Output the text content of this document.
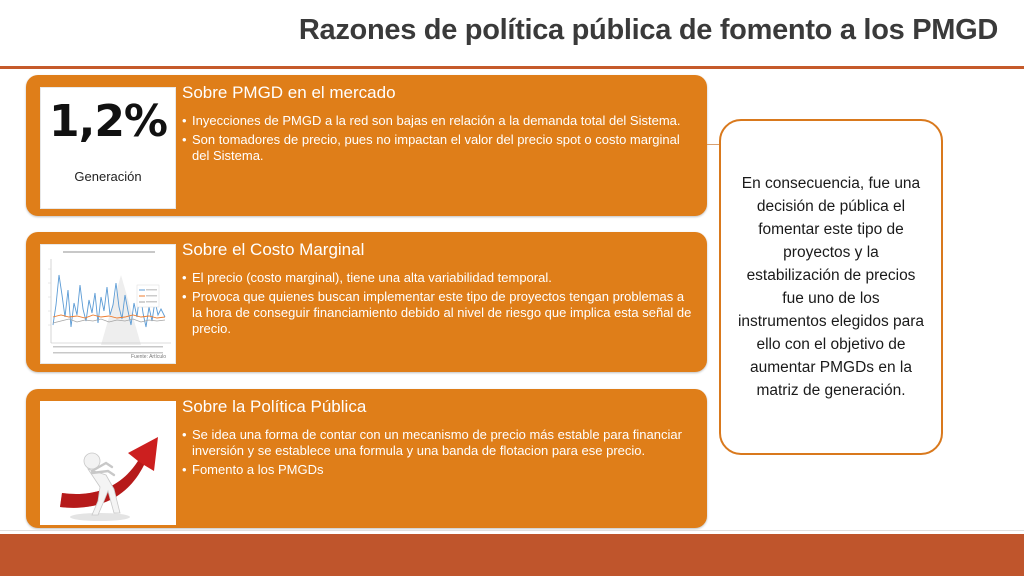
Razones de política pública de fomento a los PMGD
1,2%
Generación
Sobre PMGD en el mercado
• Inyecciones de PMGD a la red son bajas en relación a la demanda total del Sistema.
• Son tomadores de precio, pues no impactan el valor del precio spot o costo marginal del Sistema.
Fuente: Artículo
Sobre el Costo Marginal
• El precio (costo marginal), tiene una alta variabilidad temporal.
• Provoca que quienes buscan implementar este tipo de proyectos tengan problemas a la hora de conseguir financiamiento debido al nivel de riesgo que implica esta señal de precio.
Sobre la Política Pública
• Se idea una forma de contar con un mecanismo de precio más estable para financiar inversión y se establece una formula y una banda de flotacion para ese precio.
• Fomento a los PMGDs

En consecuencia, fue una decisión de pública el fomentar este tipo de proyectos y la estabilización de precios fue uno de los instrumentos elegidos para ello con el objetivo de aumentar PMGDs en la matriz de generación.
